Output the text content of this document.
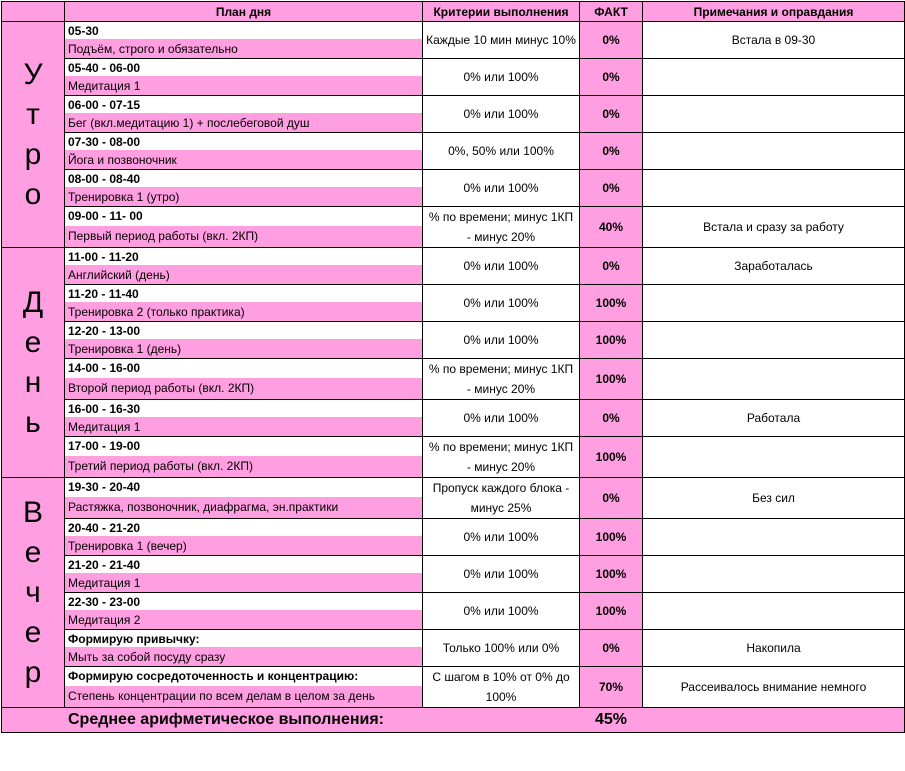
	План дня	Критерии выполнения	ФАКТ	Примечания и оправдания

У
т
р
о	05-30	Каждые 10 мин минус 10%	0%	Встала в 09-30
	Подъём, строго и обязательно			
	05-40 - 06-00	0% или 100%	0%	
	Медитация 1			
	06-00 - 07-15	0% или 100%	0%	
	Бег (вкл.медитацию 1) + послебеговой душ			
	07-30 - 08-00	0%, 50% или 100%	0%	
	Йога и позвоночник			
	08-00 - 08-40	0% или 100%	0%	
	Тренировка 1 (утро)			
	09-00 - 11- 00	% по времени; минус 1КП - минус 20%	40%	Встала и сразу за работу
	Первый период работы (вкл. 2КП)			

Д
е
н
ь	11-00 - 11-20	0% или 100%	0%	Заработалась
	Английский (день)			
	11-20 - 11-40	0% или 100%	100%	
	Тренировка 2 (только практика)			
	12-20 - 13-00	0% или 100%	100%	
	Тренировка 1 (день)			
	14-00 - 16-00	% по времени; минус 1КП - минус 20%	100%	
	Второй период работы (вкл. 2КП)			
	16-00 - 16-30	0% или 100%	0%	Работала
	Медитация 1			
	17-00 - 19-00	% по времени; минус 1КП - минус 20%	100%	
	Третий период работы (вкл. 2КП)			

В
е
ч
е
р	19-30 - 20-40	Пропуск каждого блока - минус 25%	0%	Без сил
	Растяжка, позвоночник, диафрагма, эн.практики			
	20-40 - 21-20	0% или 100%	100%	
	Тренировка 1 (вечер)			
	21-20 - 21-40	0% или 100%	100%	
	Медитация 1			
	22-30 - 23-00	0% или 100%	100%	
	Медитация 2			
	Формирую привычку:	Только 100% или 0%	0%	Накопила
	Мыть за собой посуду сразу			
	Формирую сосредоточенность и концентрацию:	С шагом в 10% от 0% до 100%	70%	Рассеивалось внимание немного
	Степень концентрации по всем делам в целом за день			
Среднее арифметическое выполнения:			45%	
